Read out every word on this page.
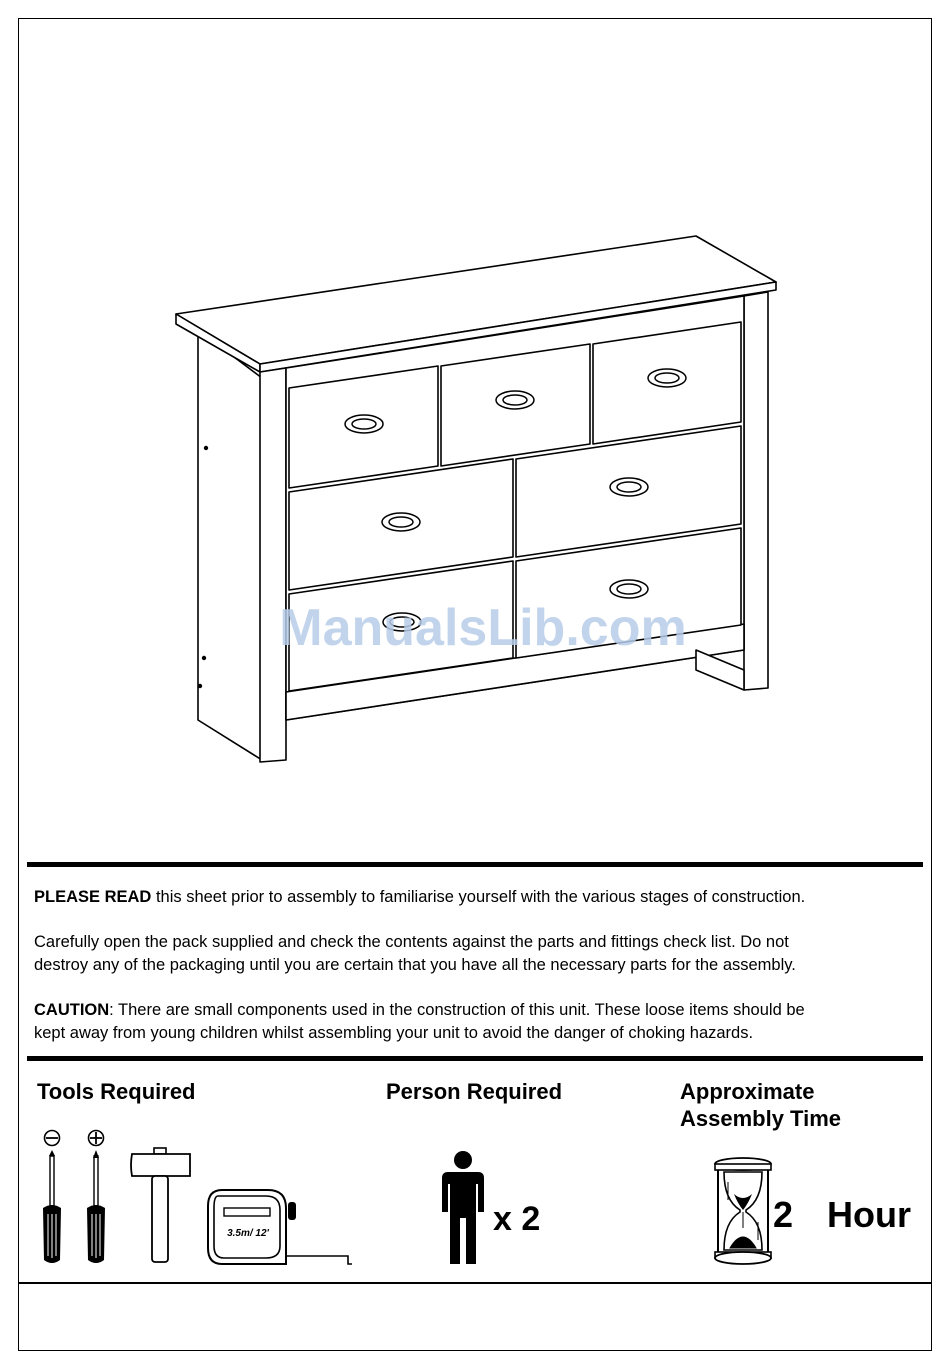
ManualsLib.com
PLEASE READ this sheet prior to assembly to familiarise yourself with the various stages of construction.
Carefully open the pack supplied and check the contents against the parts and fittings check list. Do not
destroy any of the packaging until you are certain that you have all the necessary parts for the assembly.
CAUTION: There are small components used in the construction of this unit. These loose items should be
kept away from young children whilst assembling your unit to avoid the danger of choking hazards.
Tools Required	Person Required	Approximate
Assembly Time
3.5m/ 12'	x 2	2 Hour
